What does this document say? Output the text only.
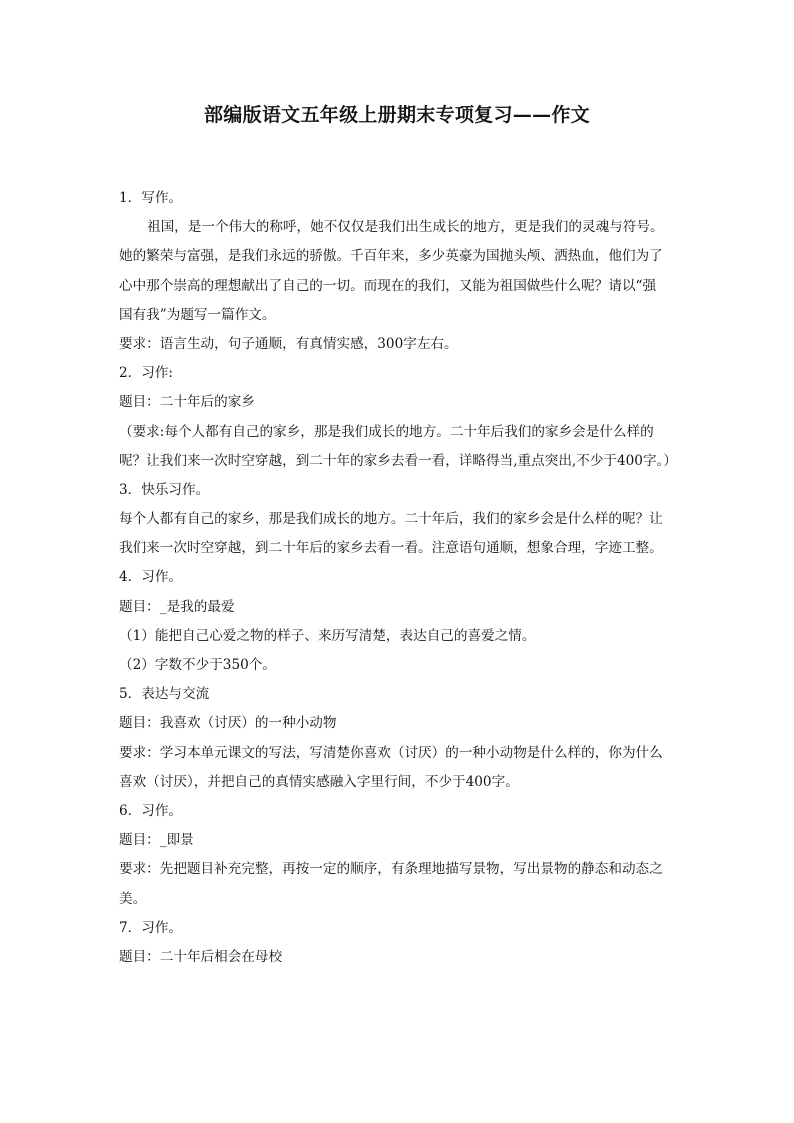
部编版语文五年级上册期末专项复习——作文
1．写作。
祖国，是一个伟大的称呼，她不仅仅是我们出生成长的地方，更是我们的灵魂与符号。
她的繁荣与富强，是我们永远的骄傲。千百年来，多少英豪为国抛头颅、洒热血，他们为了
心中那个崇高的理想献出了自己的一切。而现在的我们，又能为祖国做些什么呢？请以“强
国有我”为题写一篇作文。
要求：语言生动，句子通顺，有真情实感，300字左右。
2．习作:
题目：二十年后的家乡
（要求:每个人都有自己的家乡，那是我们成长的地方。二十年后我们的家乡会是什么样的
呢？让我们来一次时空穿越，到二十年的家乡去看一看，详略得当,重点突出,不少于400字。）
3．快乐习作。
每个人都有自己的家乡，那是我们成长的地方。二十年后，我们的家乡会是什么样的呢？让
我们来一次时空穿越，到二十年后的家乡去看一看。注意语句通顺，想象合理，字迹工整。
4．习作。
题目：_是我的最爱
（1）能把自己心爱之物的样子、来历写清楚，表达自己的喜爱之情。
（2）字数不少于350个。
5．表达与交流
题目：我喜欢（讨厌）的一种小动物
要求：学习本单元课文的写法，写清楚你喜欢（讨厌）的一种小动物是什么样的，你为什么
喜欢（讨厌），并把自己的真情实感融入字里行间，不少于400字。
6．习作。
题目：_即景
要求：先把题目补充完整，再按一定的顺序，有条理地描写景物，写出景物的静态和动态之
美。
7．习作。
题目：二十年后相会在母校
